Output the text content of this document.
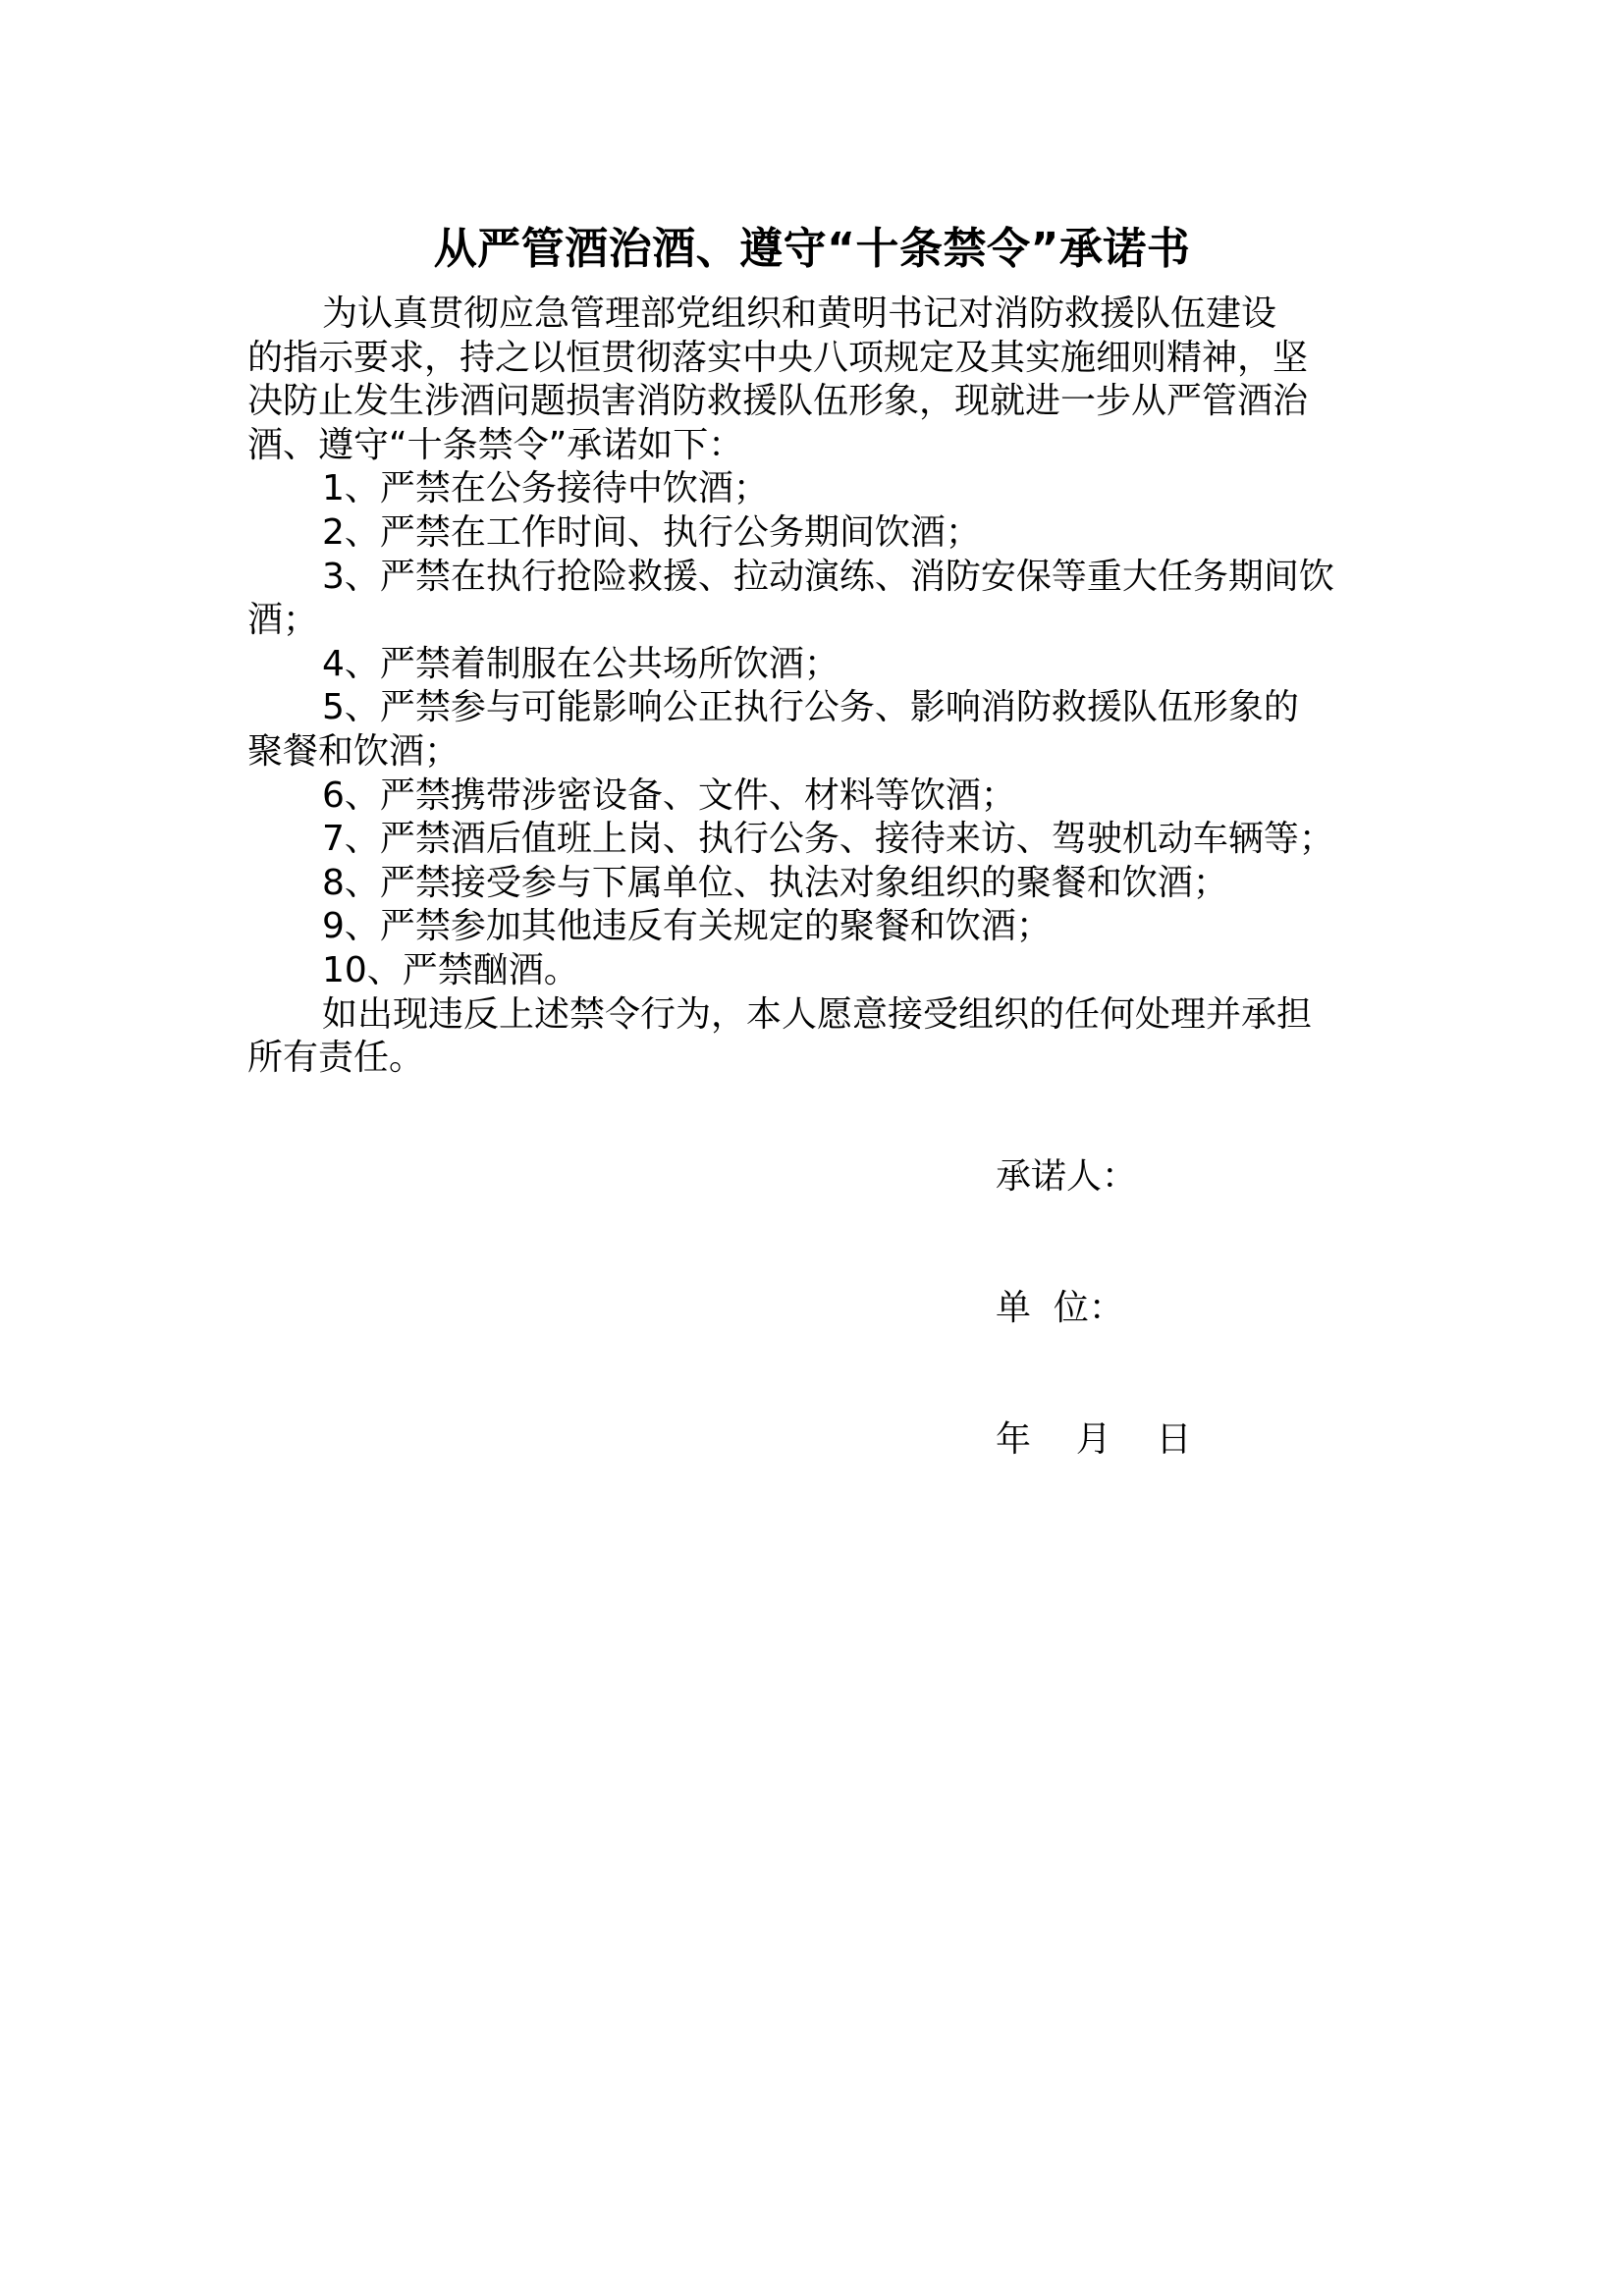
从严管酒治酒、遵守“十条禁令”承诺书
为认真贯彻应急管理部党组织和黄明书记对消防救援队伍建设
的指示要求，持之以恒贯彻落实中央八项规定及其实施细则精神，坚
决防止发生涉酒问题损害消防救援队伍形象，现就进一步从严管酒治
酒、遵守“十条禁令”承诺如下：
1、严禁在公务接待中饮酒；
2、严禁在工作时间、执行公务期间饮酒；
3、严禁在执行抢险救援、拉动演练、消防安保等重大任务期间饮
酒；
4、严禁着制服在公共场所饮酒；
5、严禁参与可能影响公正执行公务、影响消防救援队伍形象的
聚餐和饮酒；
6、严禁携带涉密设备、文件、材料等饮酒；
7、严禁酒后值班上岗、执行公务、接待来访、驾驶机动车辆等；
8、严禁接受参与下属单位、执法对象组织的聚餐和饮酒；
9、严禁参加其他违反有关规定的聚餐和饮酒；
10、严禁酗酒。
如出现违反上述禁令行为，本人愿意接受组织的任何处理并承担
所有责任。

承诺人：

单  位：

年    月    日
